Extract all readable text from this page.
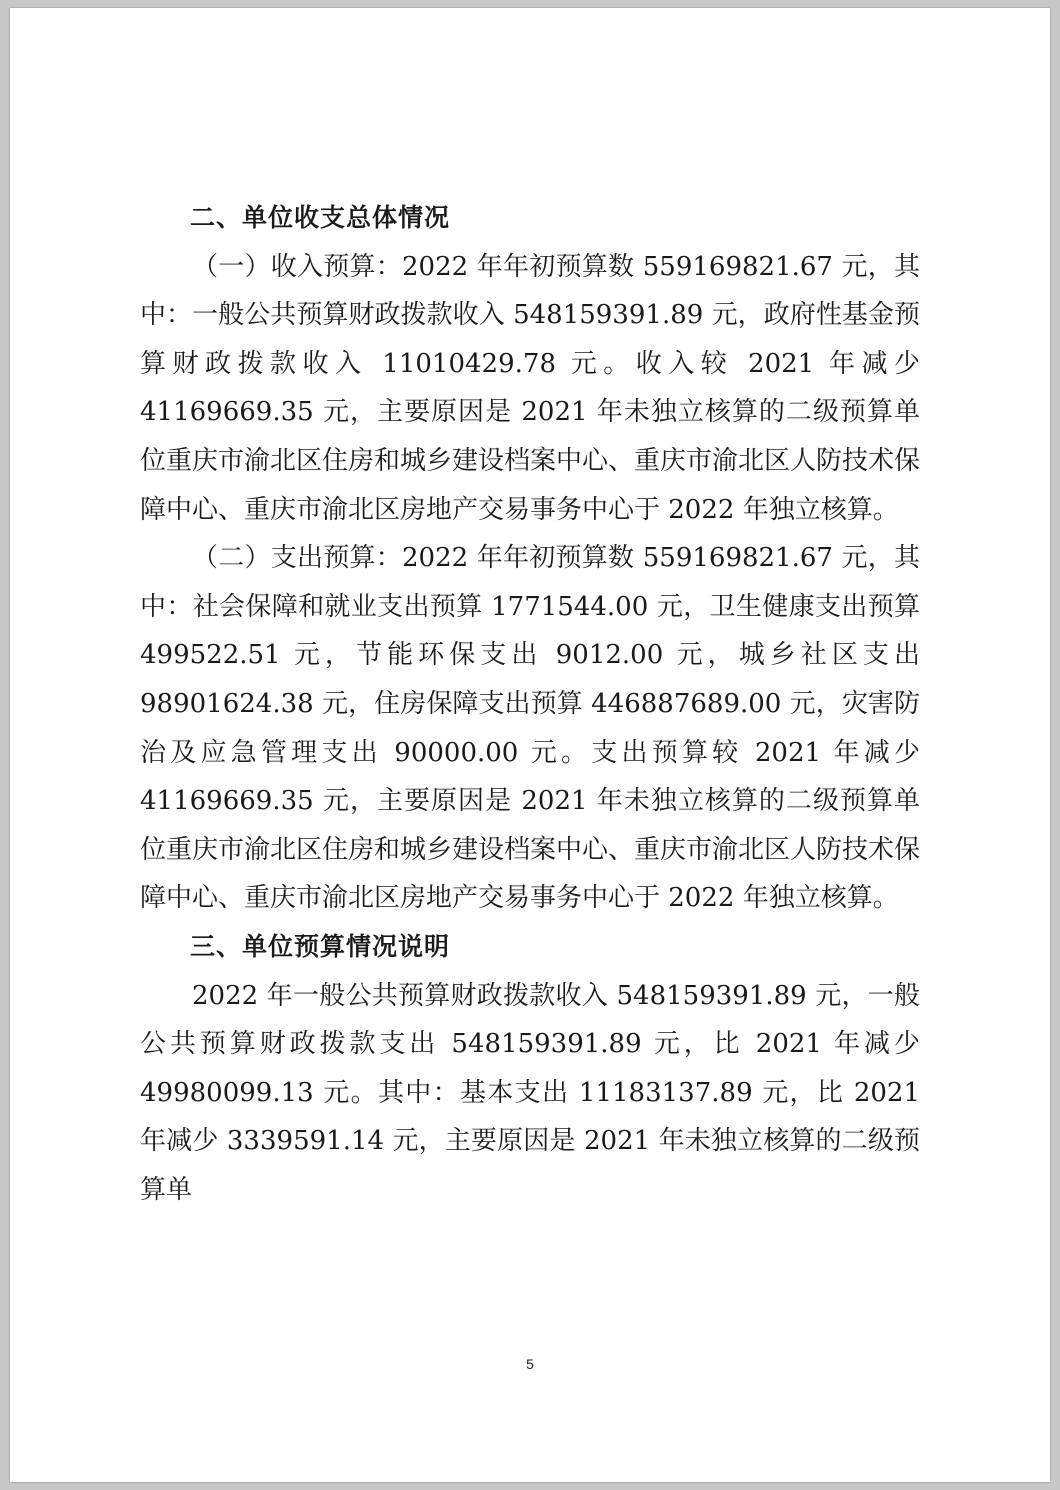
二、单位收支总体情况

（一）收入预算：2022 年年初预算数 559169821.67 元，其中：一般公共预算财政拨款收入 548159391.89 元，政府性基金预算财政拨款收入 11010429.78 元。收入较 2021 年减少 41169669.35 元，主要原因是 2021 年未独立核算的二级预算单位重庆市渝北区住房和城乡建设档案中心、重庆市渝北区人防技术保障中心、重庆市渝北区房地产交易事务中心于 2022 年独立核算。

（二）支出预算：2022 年年初预算数 559169821.67 元，其中：社会保障和就业支出预算 1771544.00 元，卫生健康支出预算 499522.51 元，节能环保支出 9012.00 元，城乡社区支出 98901624.38 元，住房保障支出预算 446887689.00 元，灾害防治及应急管理支出 90000.00 元。支出预算较 2021 年减少 41169669.35 元，主要原因是 2021 年未独立核算的二级预算单位重庆市渝北区住房和城乡建设档案中心、重庆市渝北区人防技术保障中心、重庆市渝北区房地产交易事务中心于 2022 年独立核算。

三、单位预算情况说明

2022 年一般公共预算财政拨款收入 548159391.89 元，一般公共预算财政拨款支出 548159391.89 元，比 2021 年减少 49980099.13 元。其中：基本支出 11183137.89 元，比 2021 年减少 3339591.14 元，主要原因是 2021 年未独立核算的二级预算单

5
